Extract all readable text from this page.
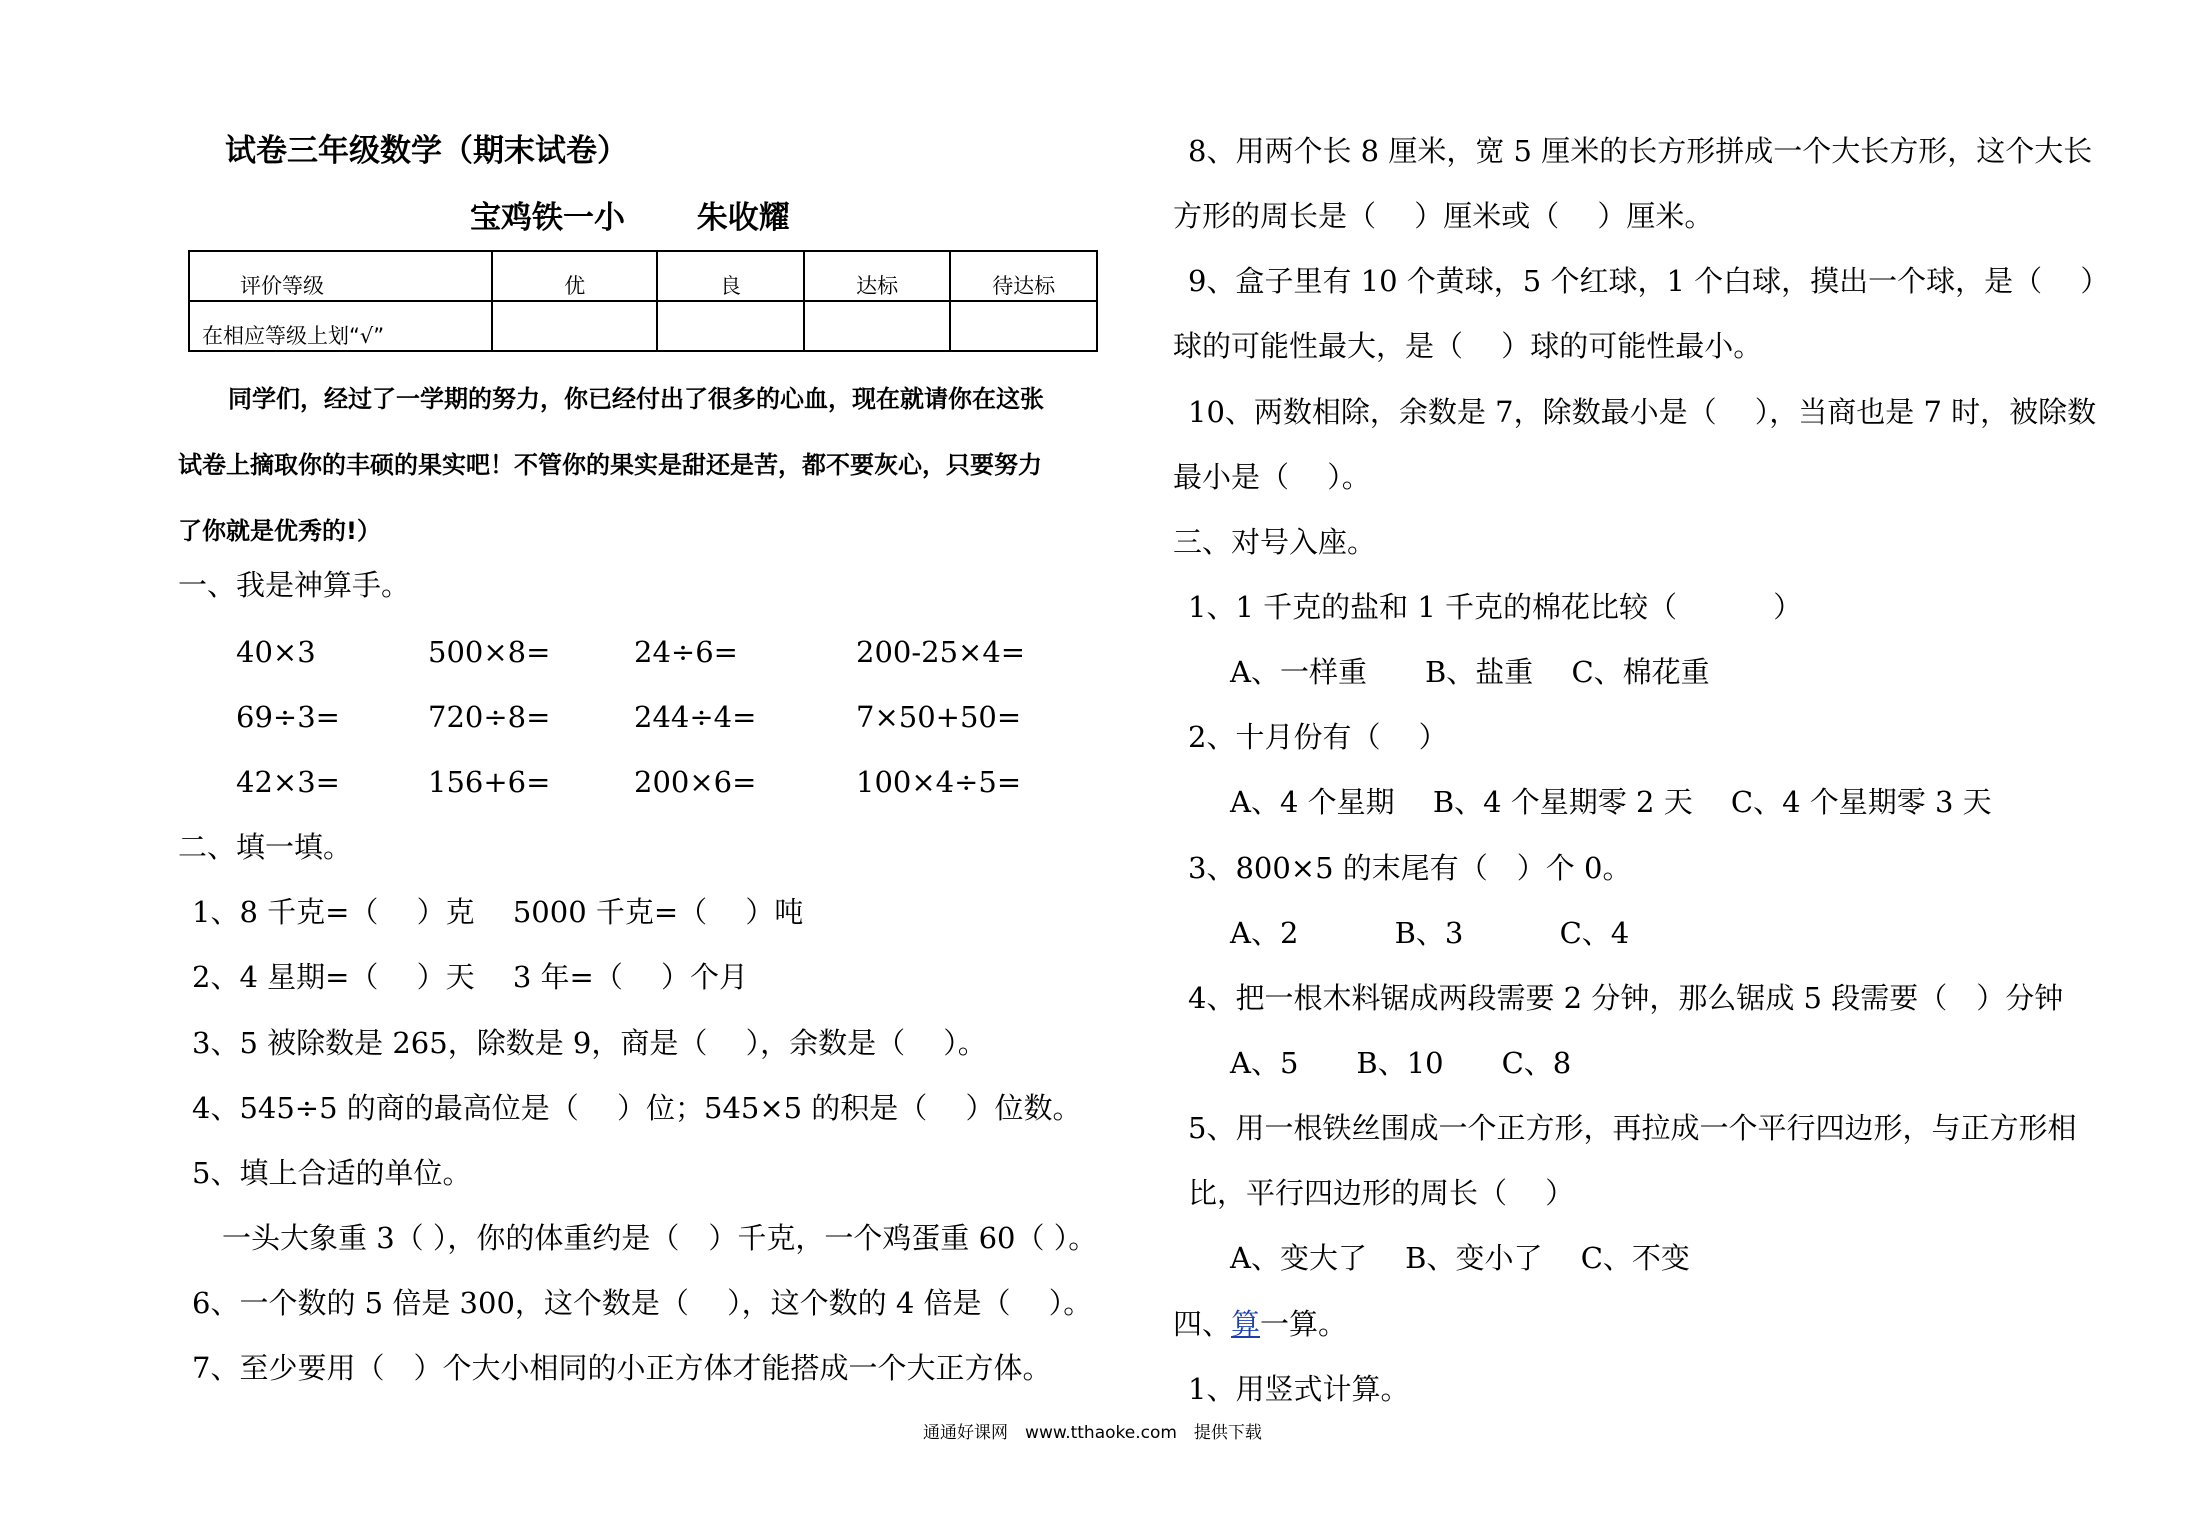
试卷三年级数学（期末试卷）
宝鸡铁一小　 朱收耀
评价等级	优	良	达标	待达标
在相应等级上划“√”				
同学们，经过了一学期的努力，你已经付出了很多的心血，现在就请你在这张
试卷上摘取你的丰硕的果实吧！不管你的果实是甜还是苦，都不要灰心，只要努力
了你就是优秀的!）
一、我是神算手。
40×3	500×8=	24÷6=	200-25×4=
69÷3=	720÷8=	244÷4=	7×50+50=
42×3=	156+6=	200×6=	100×4÷5=
二、填一填。
1、8 千克=（　 ）克　 5000 千克=（　 ）吨
2、4 星期=（　 ）天　 3 年=（　 ）个月
3、5 被除数是 265，除数是 9，商是（　 ），余数是（　 ）。
4、545÷5 的商的最高位是（　 ）位；545×5 的积是（　 ）位数。
5、填上合适的单位。
一头大象重 3（ ），你的体重约是（　）千克，一个鸡蛋重 60（ ）。
6、一个数的 5 倍是 300，这个数是（　 ），这个数的 4 倍是（　 ）。
7、至少要用（　）个大小相同的小正方体才能搭成一个大正方体。
8、用两个长 8 厘米，宽 5 厘米的长方形拼成一个大长方形，这个大长
方形的周长是（　 ）厘米或（　 ）厘米。
9、盒子里有 10 个黄球，5 个红球，1 个白球，摸出一个球，是（　 ）
球的可能性最大，是（　 ）球的可能性最小。
10、两数相除，余数是 7，除数最小是（　 ），当商也是 7 时，被除数
最小是（　 ）。
三、对号入座。
1、1 千克的盐和 1 千克的棉花比较（　　　 ）
A、一样重　　B、盐重　 C、棉花重
2、十月份有（　 ）
A、4 个星期　 B、4 个星期零 2 天　 C、4 个星期零 3 天
3、800×5 的末尾有（　）个 0。
A、2　　　 B、3　　　 C、4
4、把一根木料锯成两段需要 2 分钟，那么锯成 5 段需要（　）分钟
A、5　　B、10　　C、8
5、用一根铁丝围成一个正方形，再拉成一个平行四边形，与正方形相
比，平行四边形的周长（　 ）
A、变大了　 B、变小了　 C、不变
四、算一算。
1、用竖式计算。
通通好课网　www.tthaoke.com　提供下载
